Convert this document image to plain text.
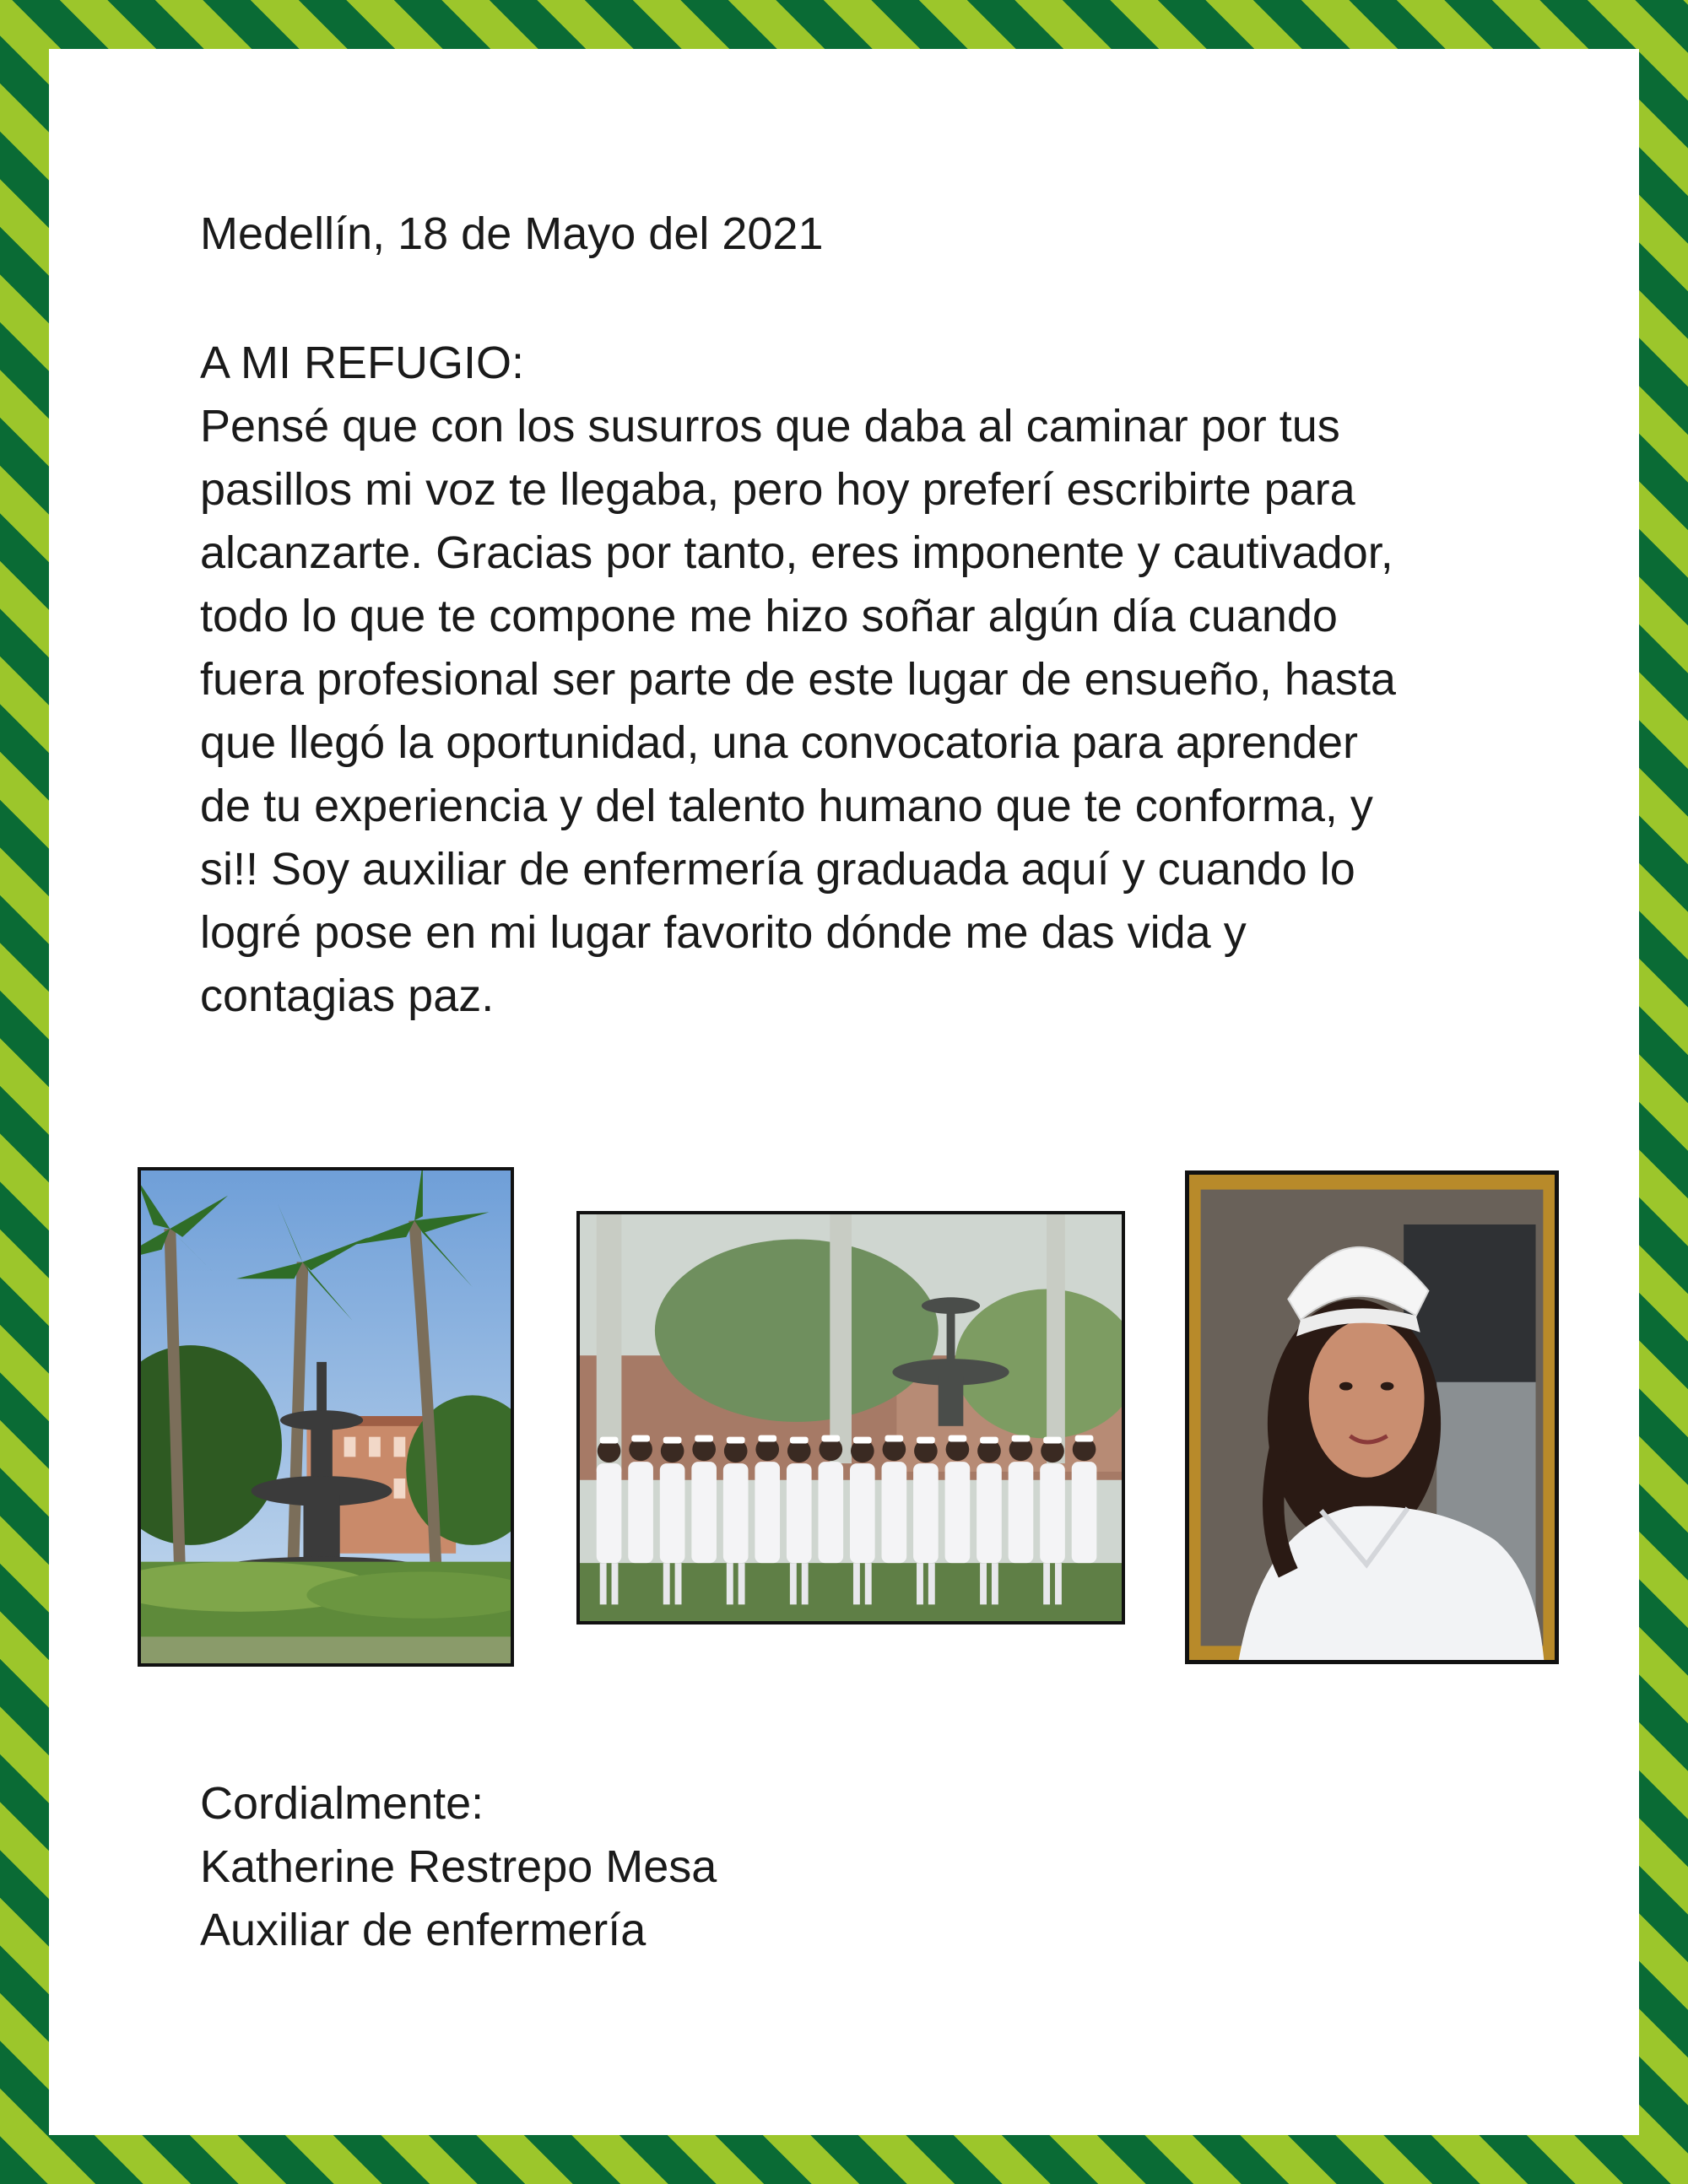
Medellín, 18 de Mayo del 2021
A MI REFUGIO:
Pensé que con los susurros que daba al caminar por tus
pasillos mi voz te llegaba, pero hoy preferí escribirte para
alcanzarte. Gracias por tanto, eres imponente y cautivador,
todo lo que te compone me hizo soñar algún día cuando
fuera profesional ser parte de este lugar de ensueño, hasta
que llegó la oportunidad, una convocatoria para aprender
de tu experiencia y del talento humano que te conforma, y
si!! Soy auxiliar de enfermería graduada aquí y cuando lo
logré pose en mi lugar favorito dónde me das vida y
contagias paz.
Cordialmente:
Katherine Restrepo Mesa
Auxiliar de enfermería
